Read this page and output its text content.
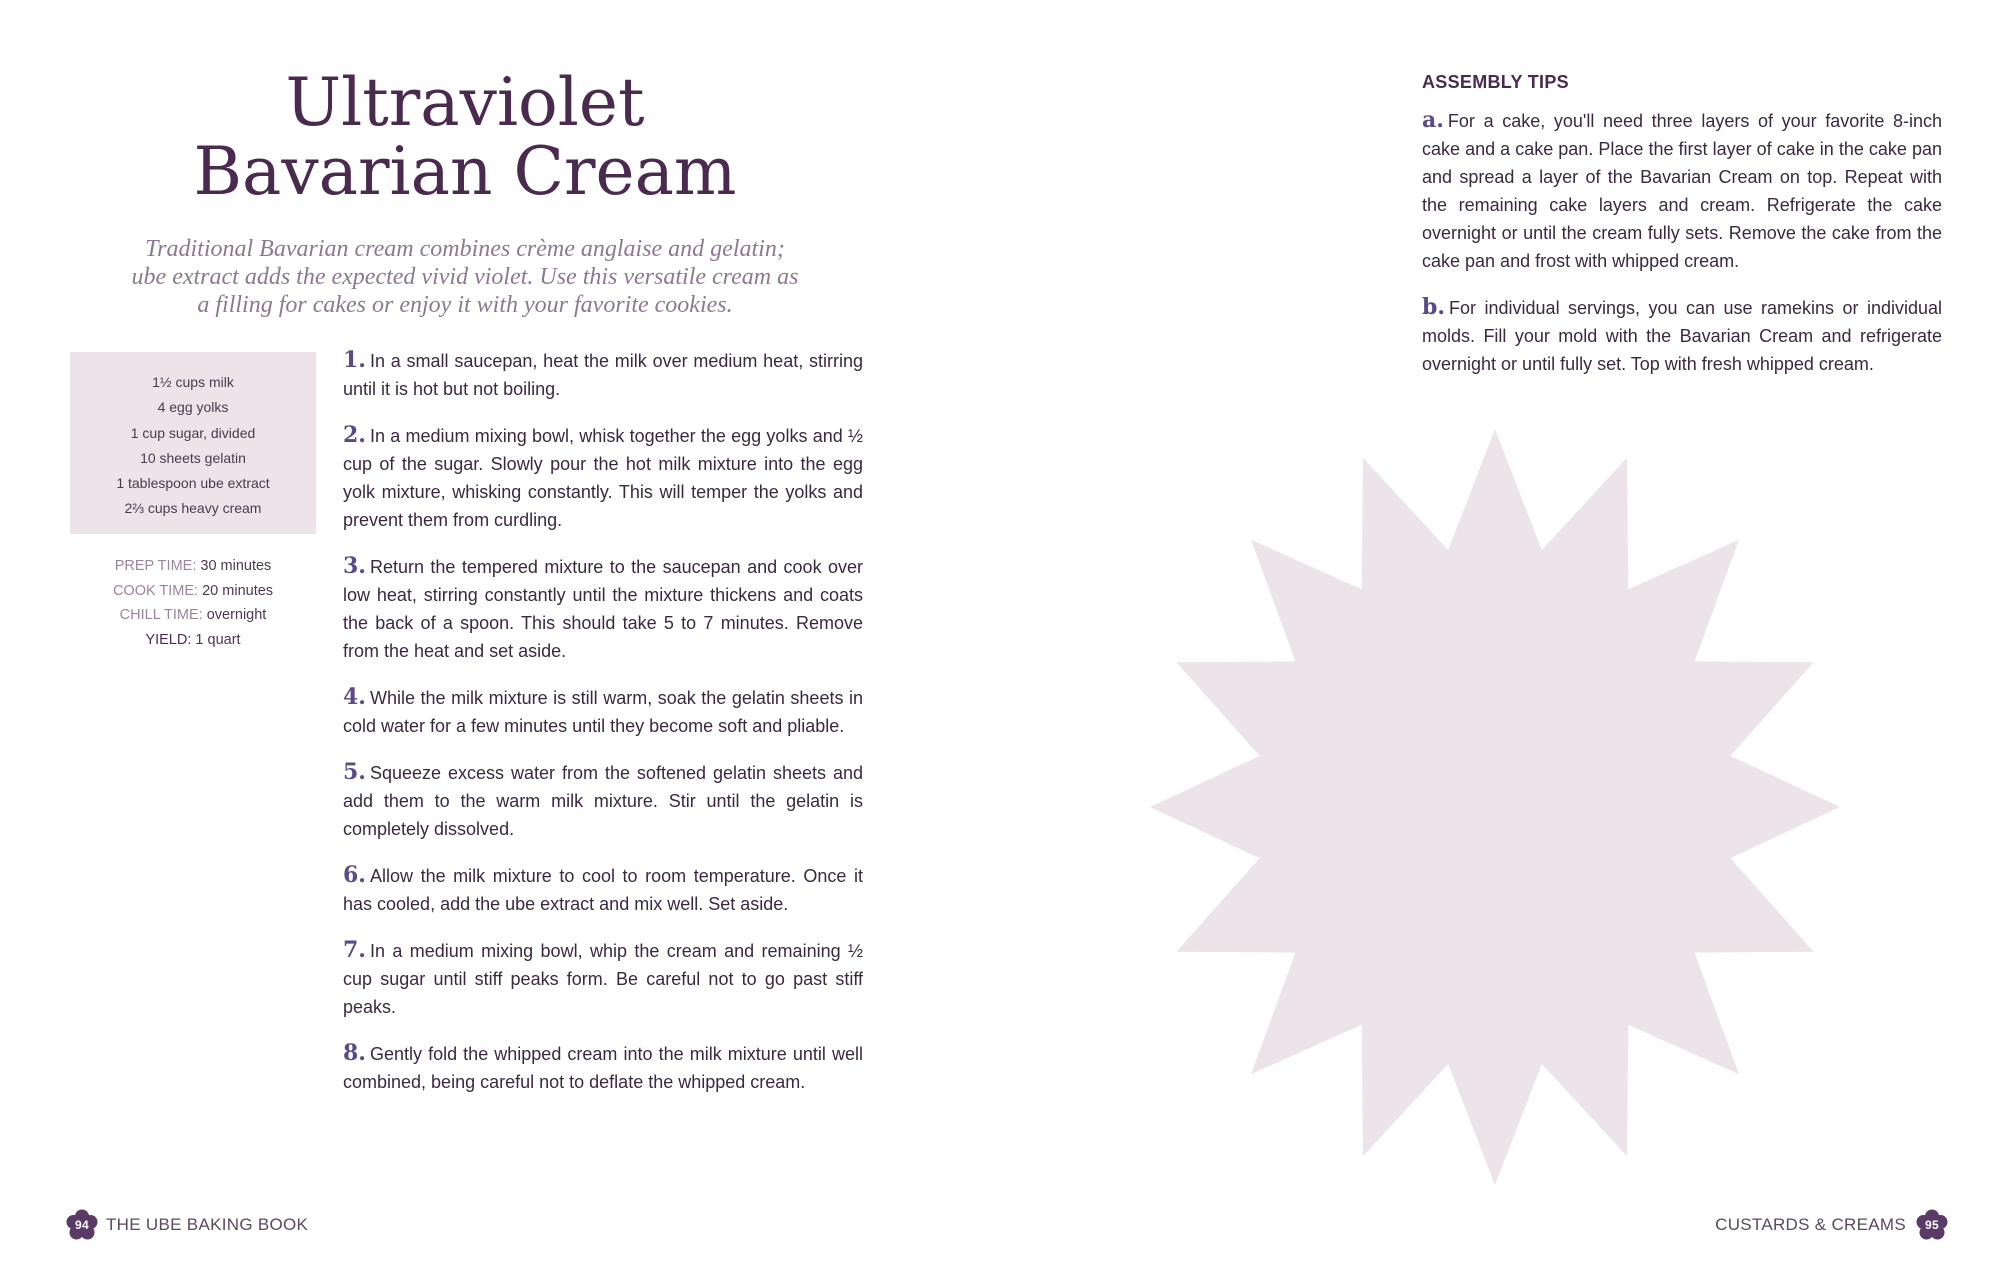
Ultraviolet
Bavarian Cream

Traditional Bavarian cream combines crème anglaise and gelatin; ube extract adds the expected vivid violet. Use this versatile cream as a filling for cakes or enjoy it with your favorite cookies.

1½ cups milk
4 egg yolks
1 cup sugar, divided
10 sheets gelatin
1 tablespoon ube extract
2⅔ cups heavy cream
PREP TIME: 30 minutes
COOK TIME: 20 minutes
CHILL TIME: overnight
YIELD: 1 quart

1. In a small saucepan, heat the milk over medium heat, stirring until it is hot but not boiling.

2. In a medium mixing bowl, whisk together the egg yolks and ½ cup of the sugar. Slowly pour the hot milk mixture into the egg yolk mixture, whisking constantly. This will temper the yolks and prevent them from curdling.

3. Return the tempered mixture to the saucepan and cook over low heat, stirring constantly until the mixture thickens and coats the back of a spoon. This should take 5 to 7 minutes. Remove from the heat and set aside.

4. While the milk mixture is still warm, soak the gelatin sheets in cold water for a few minutes until they become soft and pliable.

5. Squeeze excess water from the softened gelatin sheets and add them to the warm milk mixture. Stir until the gelatin is completely dissolved.

6. Allow the milk mixture to cool to room temperature. Once it has cooled, add the ube extract and mix well. Set aside.

7. In a medium mixing bowl, whip the cream and remaining ½ cup sugar until stiff peaks form. Be careful not to go past stiff peaks.

8. Gently fold the whipped cream into the milk mixture until well combined, being careful not to deflate the whipped cream.

ASSEMBLY TIPS

a. For a cake, you'll need three layers of your favorite 8-inch cake and a cake pan. Place the first layer of cake in the cake pan and spread a layer of the Bavarian Cream on top. Repeat with the remaining cake layers and cream. Refrigerate the cake overnight or until the cream fully sets. Remove the cake from the cake pan and frost with whipped cream.

b. For individual servings, you can use ramekins or individual molds. Fill your mold with the Bavarian Cream and refrigerate overnight or until fully set. Top with fresh whipped cream.

94	THE UBE BAKING BOOK	CUSTARDS & CREAMS	95
